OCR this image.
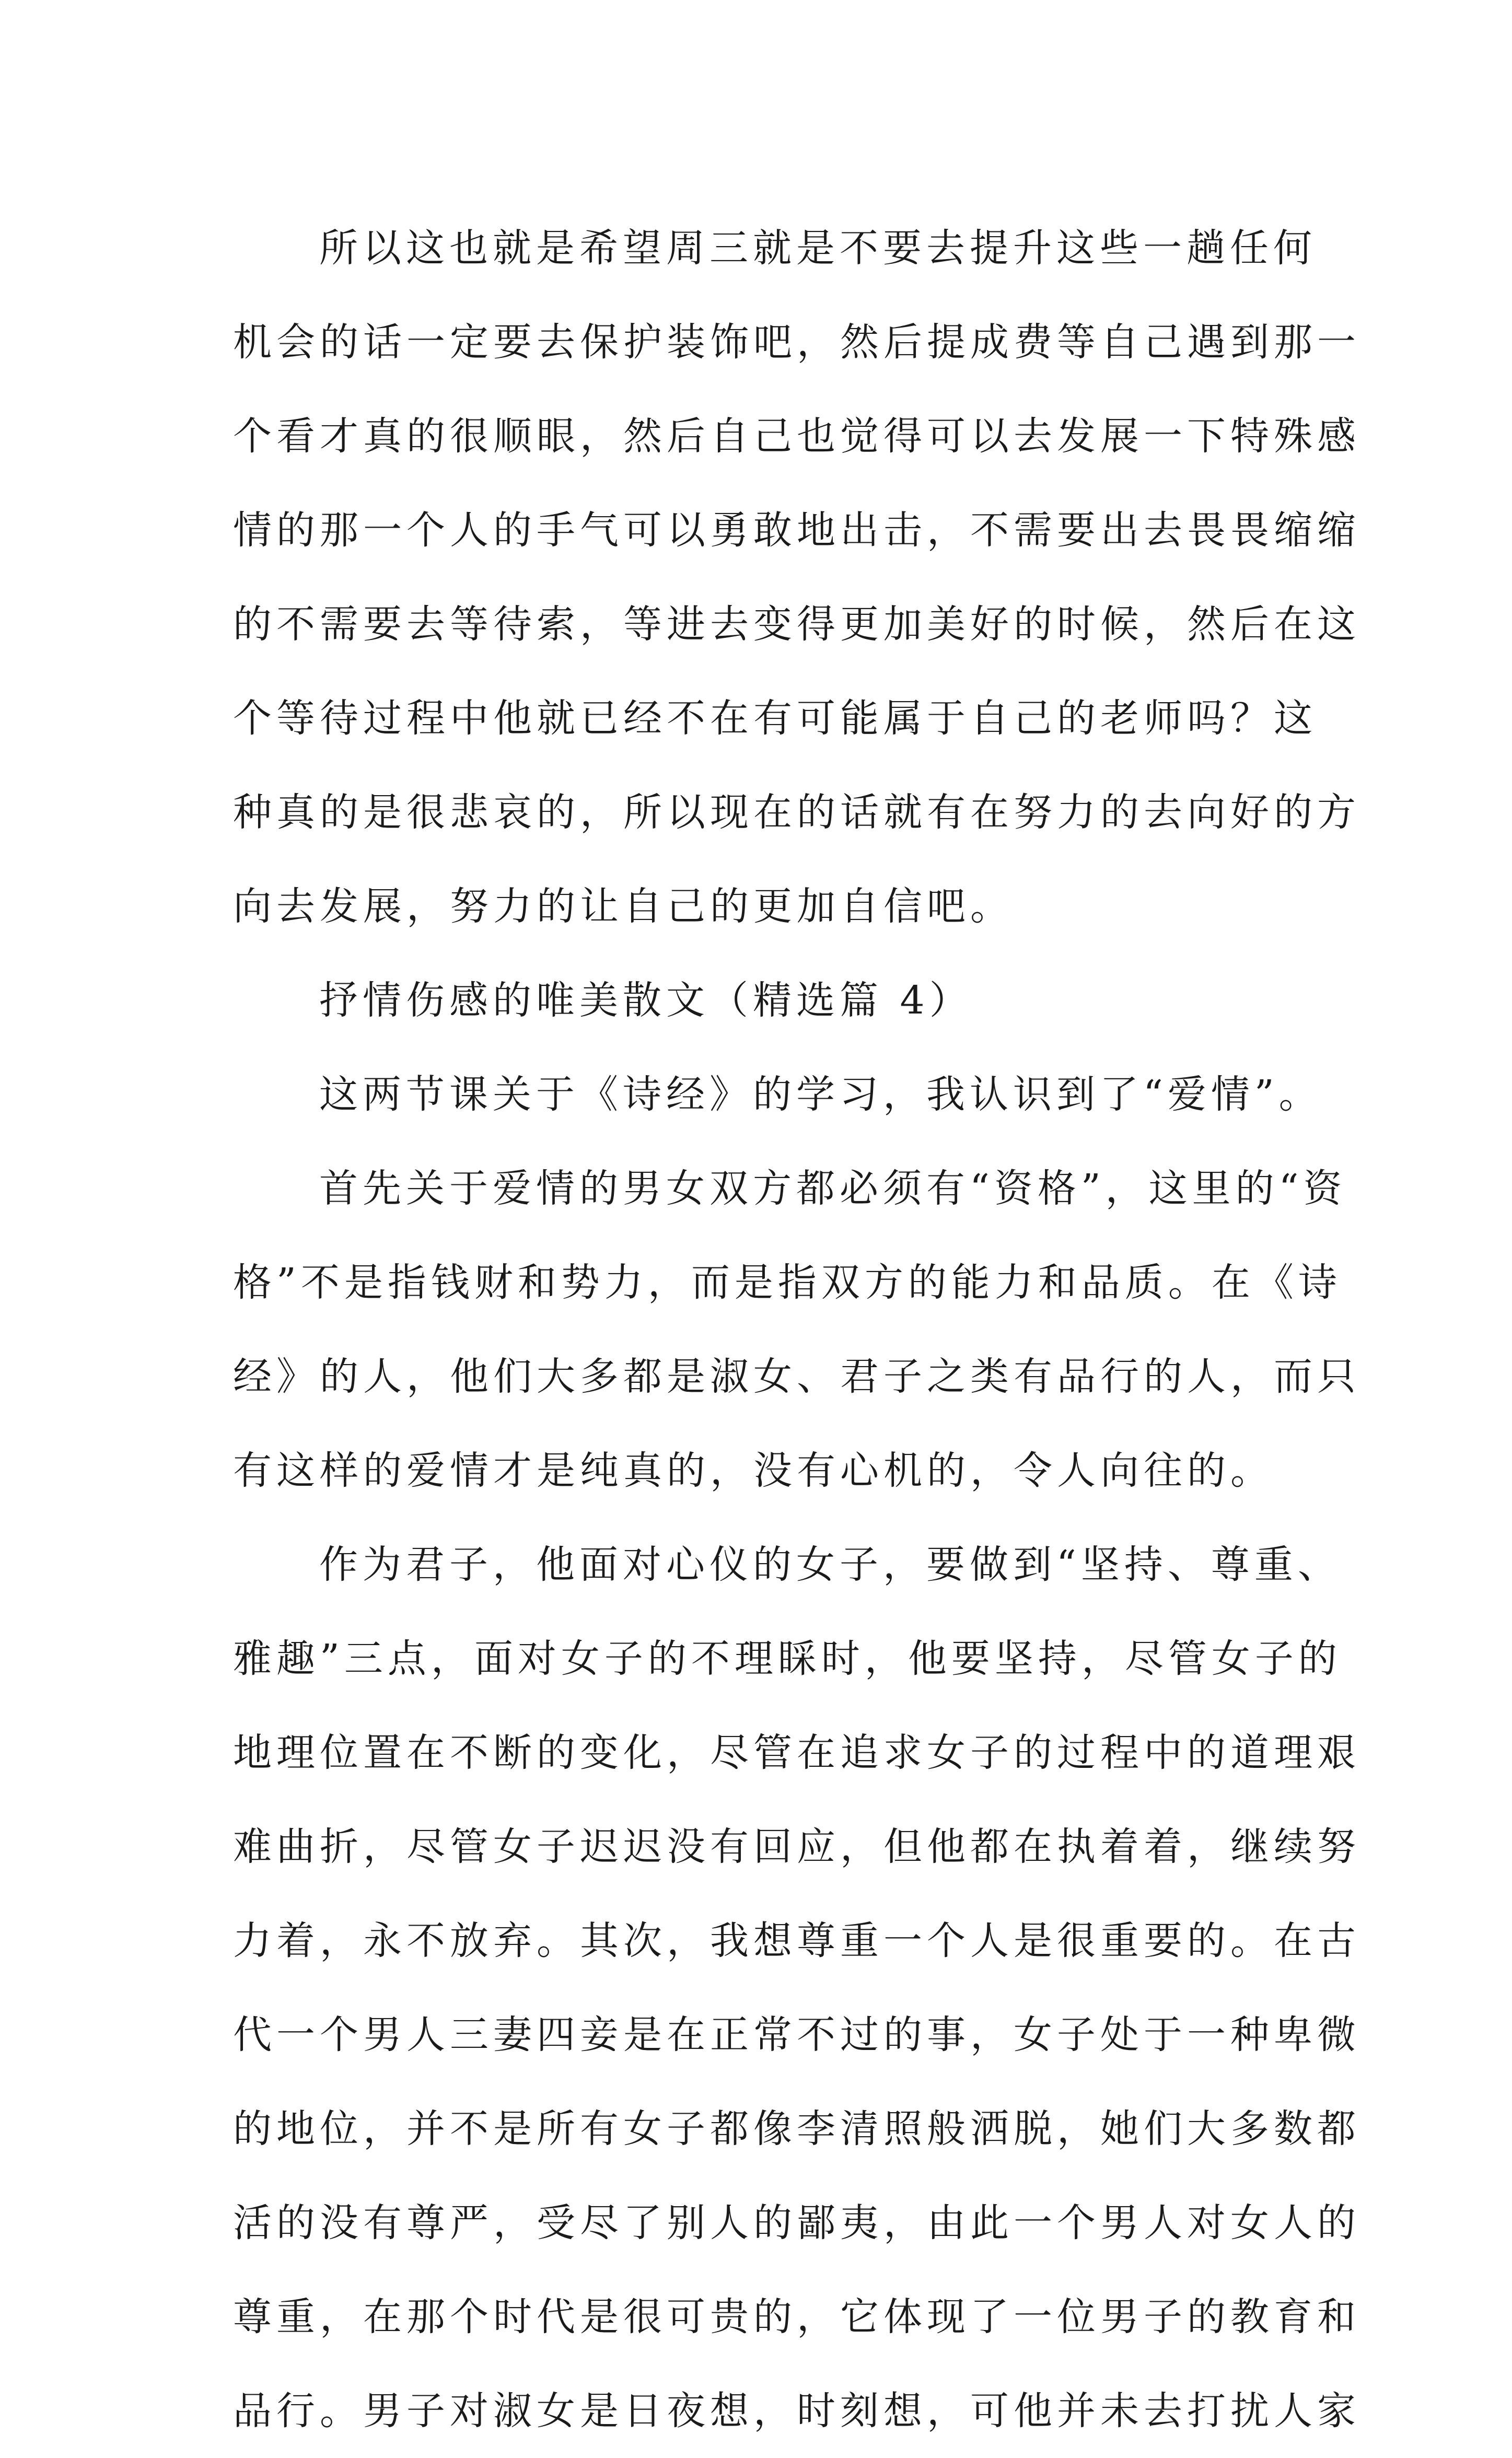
所以这也就是希望周三就是不要去提升这些一趟任何
机会的话一定要去保护装饰吧，然后提成费等自己遇到那一
个看才真的很顺眼，然后自己也觉得可以去发展一下特殊感
情的那一个人的手气可以勇敢地出击，不需要出去畏畏缩缩
的不需要去等待索，等进去变得更加美好的时候，然后在这
个等待过程中他就已经不在有可能属于自己的老师吗？这
种真的是很悲哀的，所以现在的话就有在努力的去向好的方
向去发展，努力的让自己的更加自信吧。
抒情伤感的唯美散文（精选篇 4）
这两节课关于《诗经》的学习，我认识到了“爱情”。
首先关于爱情的男女双方都必须有“资格”，这里的“资
格”不是指钱财和势力，而是指双方的能力和品质。在《诗
经》的人，他们大多都是淑女、君子之类有品行的人，而只
有这样的爱情才是纯真的，没有心机的，令人向往的。
作为君子，他面对心仪的女子，要做到“坚持、尊重、
雅趣”三点，面对女子的不理睬时，他要坚持，尽管女子的
地理位置在不断的变化，尽管在追求女子的过程中的道理艰
难曲折，尽管女子迟迟没有回应，但他都在执着着，继续努
力着，永不放弃。其次，我想尊重一个人是很重要的。在古
代一个男人三妻四妾是在正常不过的事，女子处于一种卑微
的地位，并不是所有女子都像李清照般洒脱，她们大多数都
活的没有尊严，受尽了别人的鄙夷，由此一个男人对女人的
尊重，在那个时代是很可贵的，它体现了一位男子的教育和
品行。男子对淑女是日夜想，时刻想，可他并未去打扰人家
